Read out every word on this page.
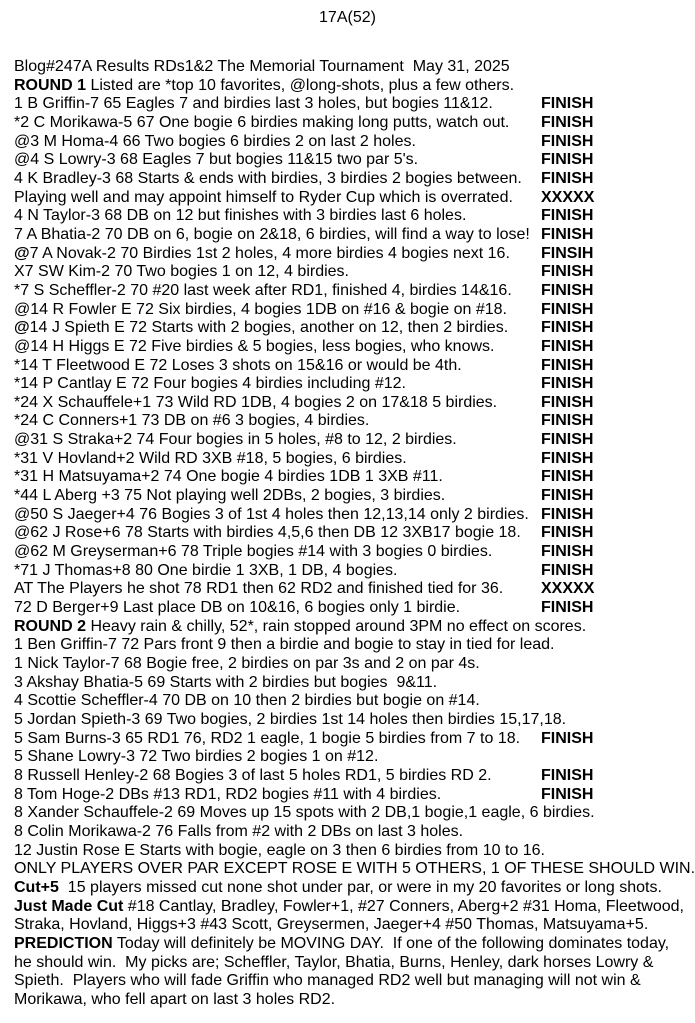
17A(52)
Blog#247A Results RDs1&2 The Memorial Tournament  May 31, 2025
ROUND 1 Listed are *top 10 favorites, @long-shots, plus a few others.
1 B Griffin-7 65 Eagles 7 and birdies last 3 holes, but bogies 11&12.	FINISH
*2 C Morikawa-5 67 One bogie 6 birdies making long putts, watch out. FINISH
@3 M Homa-4 66 Two bogies 6 birdies 2 on last 2 holes.	FINISH
@4 S Lowry-3 68 Eagles 7 but bogies 11&15 two par 5's.	FINISH
4 K Bradley-3 68 Starts & ends with birdies, 3 birdies 2 bogies between. FINISH
Playing well and may appoint himself to Ryder Cup which is overrated. XXXXX
4 N Taylor-3 68 DB on 12 but finishes with 3 birdies last 6 holes.	FINISH
7 A Bhatia-2 70 DB on 6, bogie on 2&18, 6 birdies, will find a way to lose! FINISH
@7 A Novak-2 70 Birdies 1st 2 holes, 4 more birdies 4 bogies next 16. FINSIH
X7 SW Kim-2 70 Two bogies 1 on 12, 4 birdies.	FINISH
*7 S Scheffler-2 70 #20 last week after RD1, finished 4, birdies 14&16. FINISH
@14 R Fowler E 72 Six birdies, 4 bogies 1DB on #16 & bogie on #18. FINISH
@14 J Spieth E 72 Starts with 2 bogies, another on 12, then 2 birdies. FINISH
@14 H Higgs E 72 Five birdies & 5 bogies, less bogies, who knows.	FINISH
*14 T Fleetwood E 72 Loses 3 shots on 15&16 or would be 4th.	FINISH
*14 P Cantlay E 72 Four bogies 4 birdies including #12.	FINISH
*24 X Schauffele+1 73 Wild RD 1DB, 4 bogies 2 on 17&18 5 birdies.	FINISH
*24 C Conners+1 73 DB on #6 3 bogies, 4 birdies.	FINISH
@31 S Straka+2 74 Four bogies in 5 holes, #8 to 12, 2 birdies.	FINISH
*31 V Hovland+2 Wild RD 3XB #18, 5 bogies, 6 birdies.	FINISH
*31 H Matsuyama+2 74 One bogie 4 birdies 1DB 1 3XB #11.	FINISH
*44 L Aberg +3 75 Not playing well 2DBs, 2 bogies, 3 birdies.	FINISH
@50 S Jaeger+4 76 Bogies 3 of 1st 4 holes then 12,13,14 only 2 birdies. FINISH
@62 J Rose+6 78 Starts with birdies 4,5,6 then DB 12 3XB17 bogie 18. FINISH
@62 M Greyserman+6 78 Triple bogies #14 with 3 bogies 0 birdies.	FINISH
*71 J Thomas+8 80 One birdie 1 3XB, 1 DB, 4 bogies.	FINISH
AT The Players he shot 78 RD1 then 62 RD2 and finished tied for 36. XXXXX
72 D Berger+9 Last place DB on 10&16, 6 bogies only 1 birdie.	FINISH
ROUND 2 Heavy rain & chilly, 52*, rain stopped around 3PM no effect on scores.
1 Ben Griffin-7 72 Pars front 9 then a birdie and bogie to stay in tied for lead.
1 Nick Taylor-7 68 Bogie free, 2 birdies on par 3s and 2 on par 4s.
3 Akshay Bhatia-5 69 Starts with 2 birdies but bogies  9&11.
4 Scottie Scheffler-4 70 DB on 10 then 2 birdies but bogie on #14.
5 Jordan Spieth-3 69 Two bogies, 2 birdies 1st 14 holes then birdies 15,17,18.
5 Sam Burns-3 65 RD1 76, RD2 1 eagle, 1 bogie 5 birdies from 7 to 18. FINISH
5 Shane Lowry-3 72 Two birdies 2 bogies 1 on #12.
8 Russell Henley-2 68 Bogies 3 of last 5 holes RD1, 5 birdies RD 2.	FINISH
8 Tom Hoge-2 DBs #13 RD1, RD2 bogies #11 with 4 birdies.	FINISH
8 Xander Schauffele-2 69 Moves up 15 spots with 2 DB,1 bogie,1 eagle, 6 birdies.
8 Colin Morikawa-2 76 Falls from #2 with 2 DBs on last 3 holes.
12 Justin Rose E Starts with bogie, eagle on 3 then 6 birdies from 10 to 16.
ONLY PLAYERS OVER PAR EXCEPT ROSE E WITH 5 OTHERS, 1 OF THESE SHOULD WIN.
Cut+5  15 players missed cut none shot under par, or were in my 20 favorites or long shots.
Just Made Cut #18 Cantlay, Bradley, Fowler+1, #27 Conners, Aberg+2 #31 Homa, Fleetwood,
Straka, Hovland, Higgs+3 #43 Scott, Greysermen, Jaeger+4 #50 Thomas, Matsuyama+5.
PREDICTION Today will definitely be MOVING DAY.  If one of the following dominates today,
he should win.  My picks are; Scheffler, Taylor, Bhatia, Burns, Henley, dark horses Lowry &
Spieth.  Players who will fade Griffin who managed RD2 well but managing will not win &
Morikawa, who fell apart on last 3 holes RD2.
